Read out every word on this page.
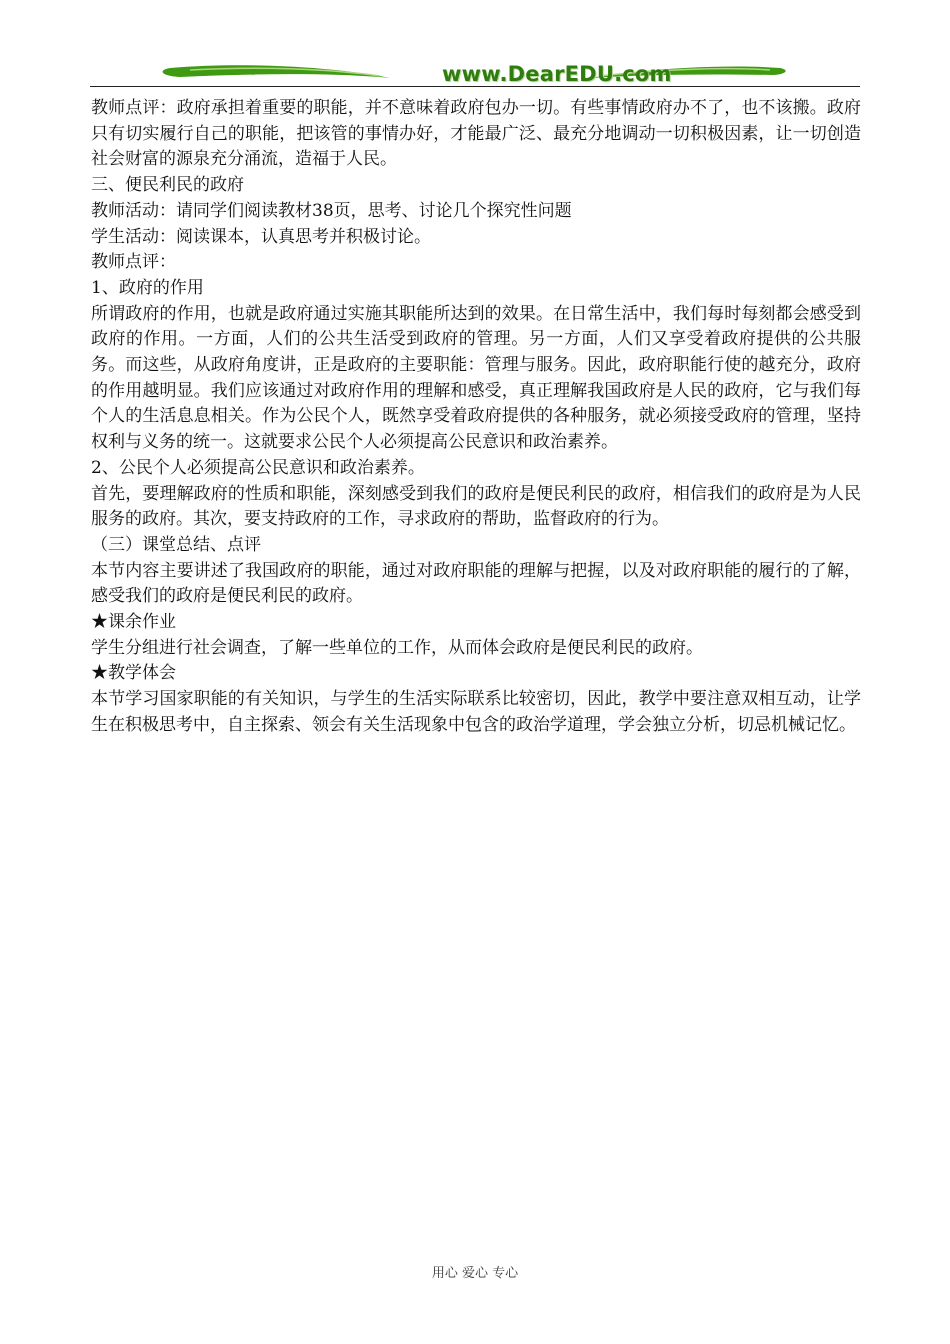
www.DearEDU.com

教师点评：政府承担着重要的职能，并不意味着政府包办一切。有些事情政府办不了，也不该搬。政府只有切实履行自己的职能，把该管的事情办好，才能最广泛、最充分地调动一切积极因素，让一切创造社会财富的源泉充分涌流，造福于人民。

三、便民利民的政府

教师活动：请同学们阅读教材38页，思考、讨论几个探究性问题

学生活动：阅读课本，认真思考并积极讨论。

教师点评：

1、政府的作用

所谓政府的作用，也就是政府通过实施其职能所达到的效果。在日常生活中，我们每时每刻都会感受到政府的作用。一方面，人们的公共生活受到政府的管理。另一方面，人们又享受着政府提供的公共服务。而这些，从政府角度讲，正是政府的主要职能：管理与服务。因此，政府职能行使的越充分，政府的作用越明显。我们应该通过对政府作用的理解和感受，真正理解我国政府是人民的政府，它与我们每个人的生活息息相关。作为公民个人，既然享受着政府提供的各种服务，就必须接受政府的管理，坚持权利与义务的统一。这就要求公民个人必须提高公民意识和政治素养。

2、公民个人必须提高公民意识和政治素养。

首先，要理解政府的性质和职能，深刻感受到我们的政府是便民利民的政府，相信我们的政府是为人民服务的政府。其次，要支持政府的工作，寻求政府的帮助，监督政府的行为。

（三）课堂总结、点评

本节内容主要讲述了我国政府的职能，通过对政府职能的理解与把握，以及对政府职能的履行的了解，感受我们的政府是便民利民的政府。

★课余作业

学生分组进行社会调查，了解一些单位的工作，从而体会政府是便民利民的政府。

★教学体会

本节学习国家职能的有关知识，与学生的生活实际联系比较密切，因此，教学中要注意双相互动，让学生在积极思考中，自主探索、领会有关生活现象中包含的政治学道理，学会独立分析，切忌机械记忆。

用心 爱心 专心
